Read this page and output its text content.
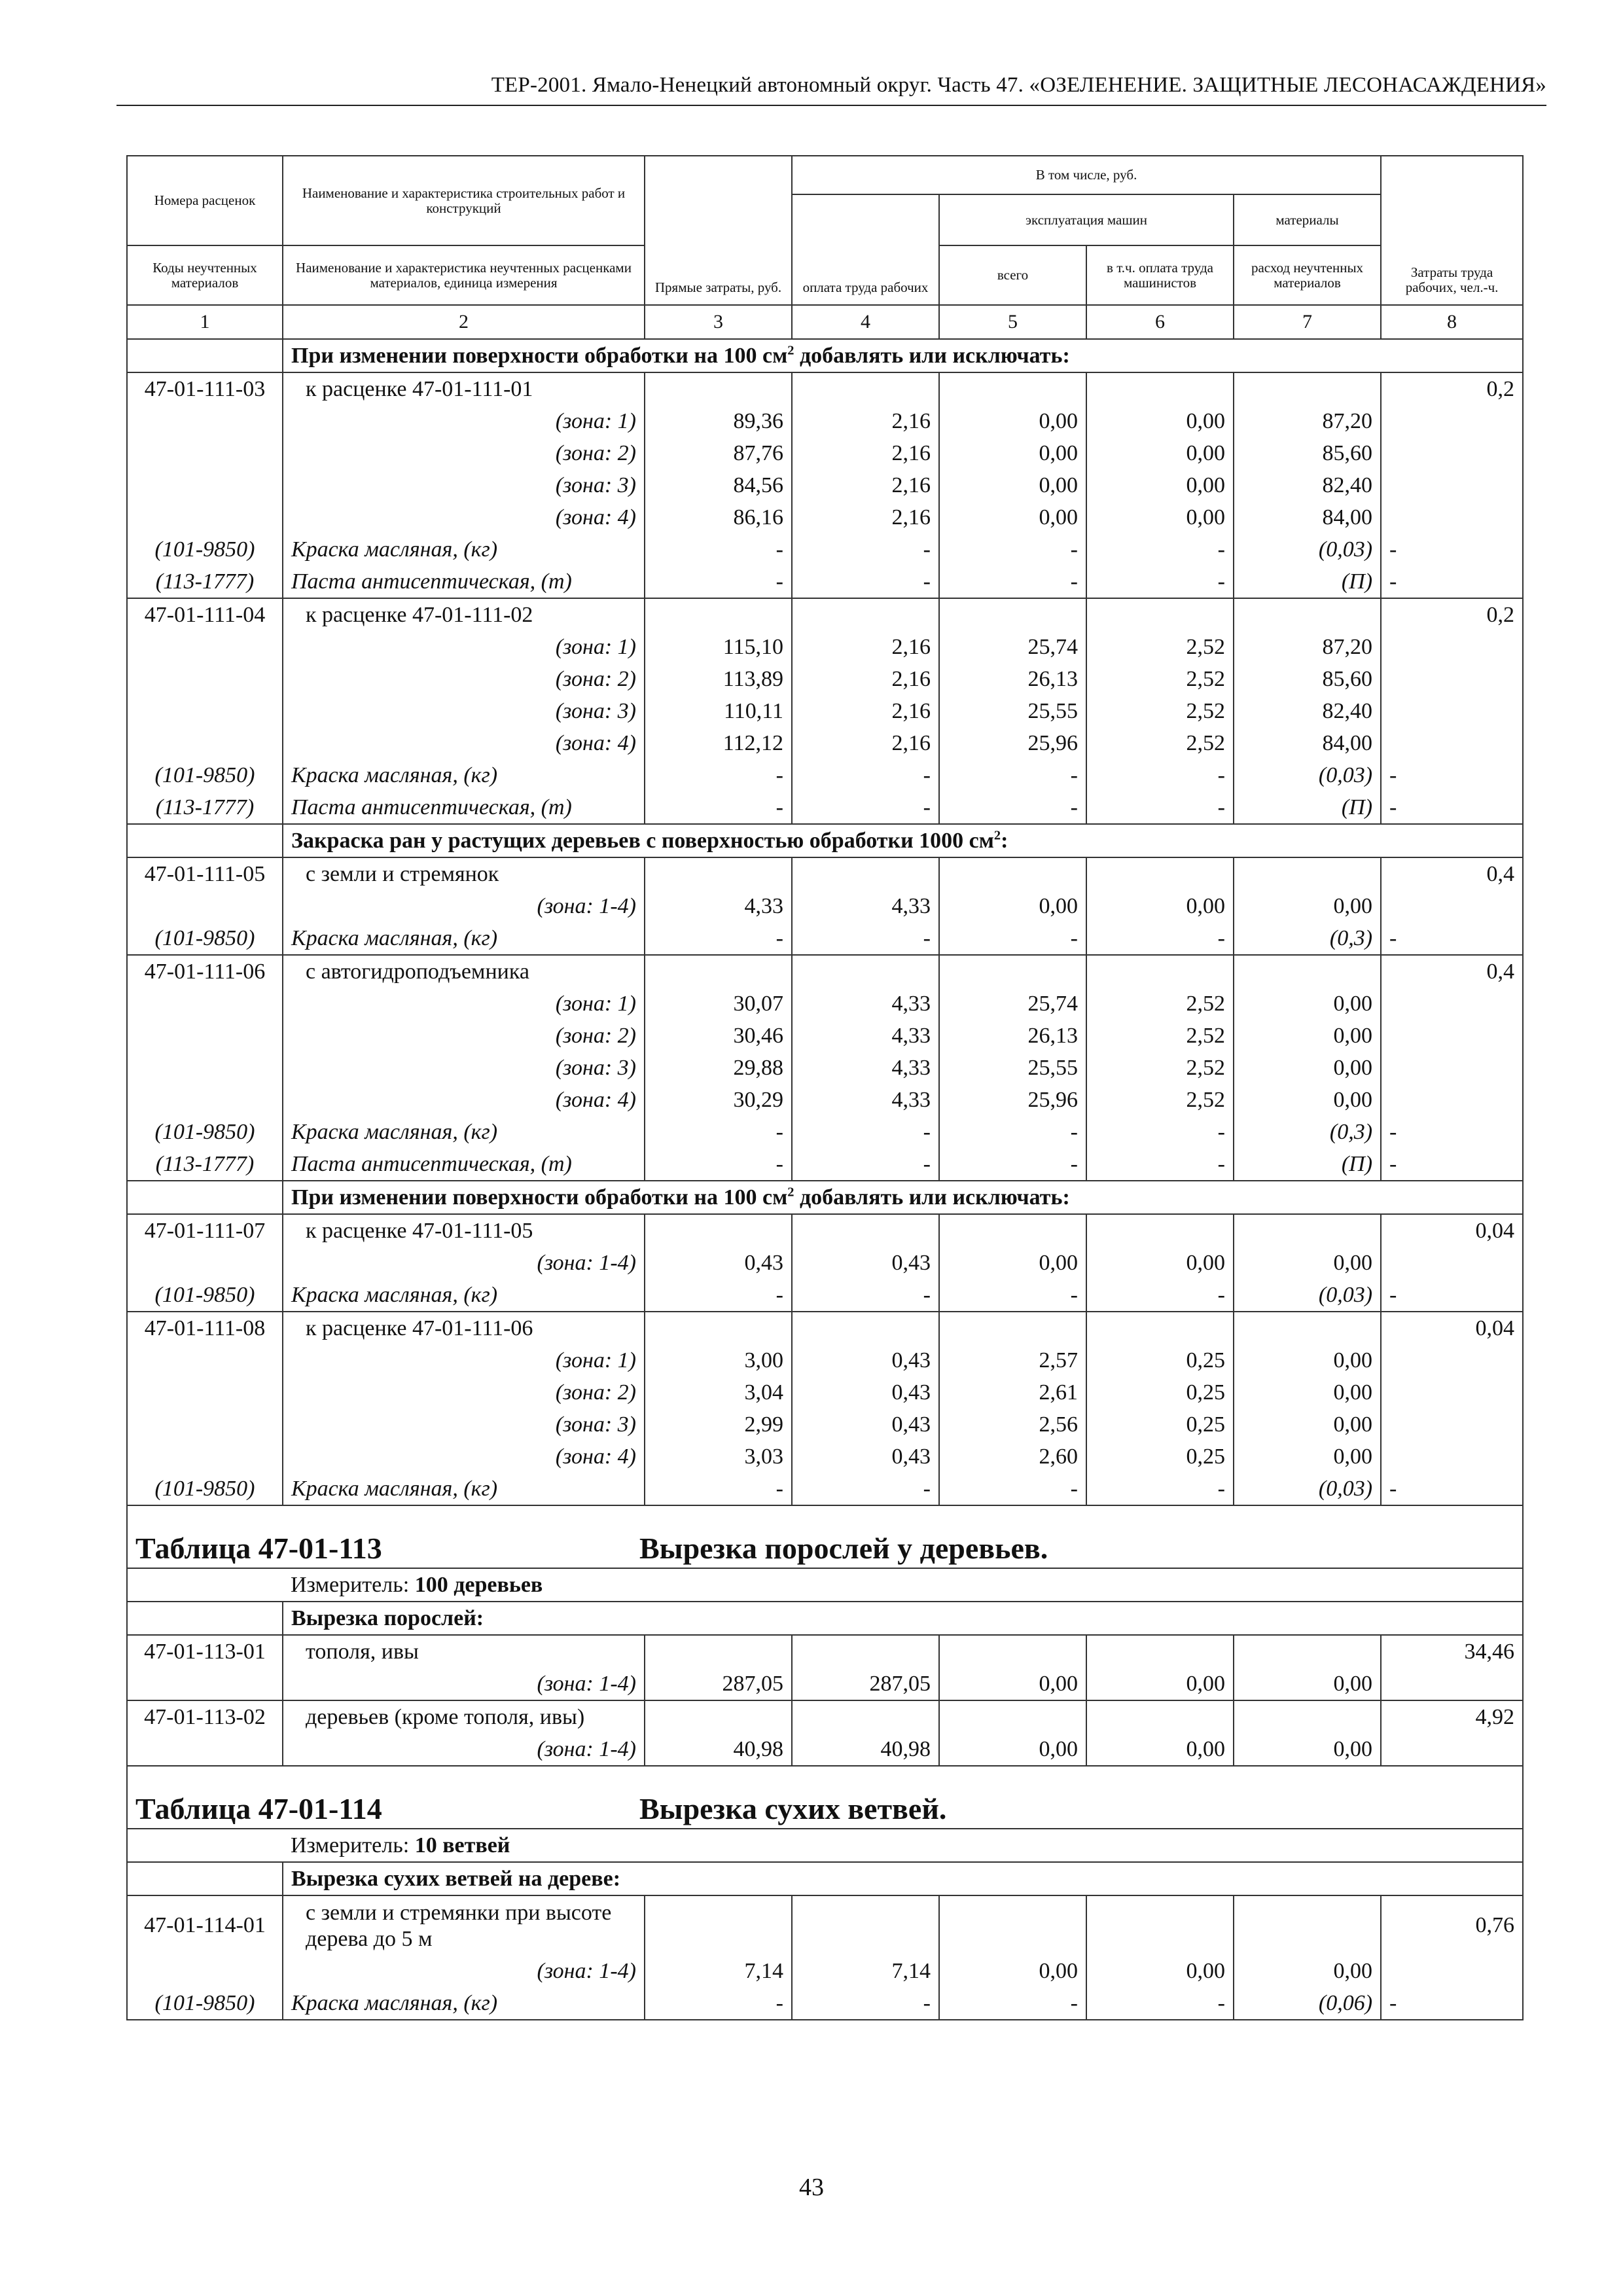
ТЕР-2001. Ямало-Ненецкий автономный округ. Часть 47. «ОЗЕЛЕНЕНИЕ. ЗАЩИТНЫЕ ЛЕСОНАСАЖДЕНИЯ»
Номера расценок	Наименование и характеристика строительных работ и конструкций	Прямые затраты, руб.	В том числе, руб.				Затраты труда рабочих, чел.-ч.
			оплата труда рабочих	эксплуатация машин		материалы	
Коды неучтенных материалов	Наименование и характеристика неучтенных расценками материалов, единица измерения			всего	в т.ч. оплата труда машинистов	расход неучтенных материалов	
1	2	3	4	5	6	7	8
	При изменении поверхности обработки на 100 $см^2$ добавлять или исключать:						
47-01-111-03	к расценке 47-01-111-01						0,2
	(зона: 1)	89,36	2,16	0,00	0,00	87,20	
	(зона: 2)	87,76	2,16	0,00	0,00	85,60	
	(зона: 3)	84,56	2,16	0,00	0,00	82,40	
	(зона: 4)	86,16	2,16	0,00	0,00	84,00	
(101-9850)	Краска масляная, (кг)	-	-	-	-	(0,03)	-
(113-1777)	Паста антисептическая, (т)	-	-	-	-	(П)	-
47-01-111-04	к расценке 47-01-111-02						0,2
	(зона: 1)	115,10	2,16	25,74	2,52	87,20	
	(зона: 2)	113,89	2,16	26,13	2,52	85,60	
	(зона: 3)	110,11	2,16	25,55	2,52	82,40	
	(зона: 4)	112,12	2,16	25,96	2,52	84,00	
(101-9850)	Краска масляная, (кг)	-	-	-	-	(0,03)	-
(113-1777)	Паста антисептическая, (т)	-	-	-	-	(П)	-
	Закраска ран у растущих деревьев с поверхностью обработки 1000 $см^2$:						
47-01-111-05	с земли и стремянок						0,4
	(зона: 1-4)	4,33	4,33	0,00	0,00	0,00	
(101-9850)	Краска масляная, (кг)	-	-	-	-	(0,3)	-
47-01-111-06	с автогидроподъемника						0,4
	(зона: 1)	30,07	4,33	25,74	2,52	0,00	
	(зона: 2)	30,46	4,33	26,13	2,52	0,00	
	(зона: 3)	29,88	4,33	25,55	2,52	0,00	
	(зона: 4)	30,29	4,33	25,96	2,52	0,00	
(101-9850)	Краска масляная, (кг)	-	-	-	-	(0,3)	-
(113-1777)	Паста антисептическая, (т)	-	-	-	-	(П)	-
	При изменении поверхности обработки на 100 $см^2$ добавлять или исключать:						
47-01-111-07	к расценке 47-01-111-05						0,04
	(зона: 1-4)	0,43	0,43	0,00	0,00	0,00	
(101-9850)	Краска масляная, (кг)	-	-	-	-	(0,03)	-
47-01-111-08	к расценке 47-01-111-06						0,04
	(зона: 1)	3,00	0,43	2,57	0,25	0,00	
	(зона: 2)	3,04	0,43	2,61	0,25	0,00	
	(зона: 3)	2,99	0,43	2,56	0,25	0,00	
	(зона: 4)	3,03	0,43	2,60	0,25	0,00	
(101-9850)	Краска масляная, (кг)	-	-	-	-	(0,03)	-
Таблица 47-01-113			Вырезка порослей у деревьев.				
	Измеритель: 100 деревьев						
	Вырезка порослей:						
47-01-113-01	тополя, ивы						34,46
	(зона: 1-4)	287,05	287,05	0,00	0,00	0,00	
47-01-113-02	деревьев (кроме тополя, ивы)						4,92
	(зона: 1-4)	40,98	40,98	0,00	0,00	0,00	
Таблица 47-01-114			Вырезка сухих ветвей.				
	Измеритель: 10 ветвей						
	Вырезка сухих ветвей на дереве:						
47-01-114-01	с земли и стремянки при высоте дерева до 5 м						0,76
	(зона: 1-4)	7,14	7,14	0,00	0,00	0,00	
(101-9850)	Краска масляная, (кг)	-	-	-	-	(0,06)	-
43
